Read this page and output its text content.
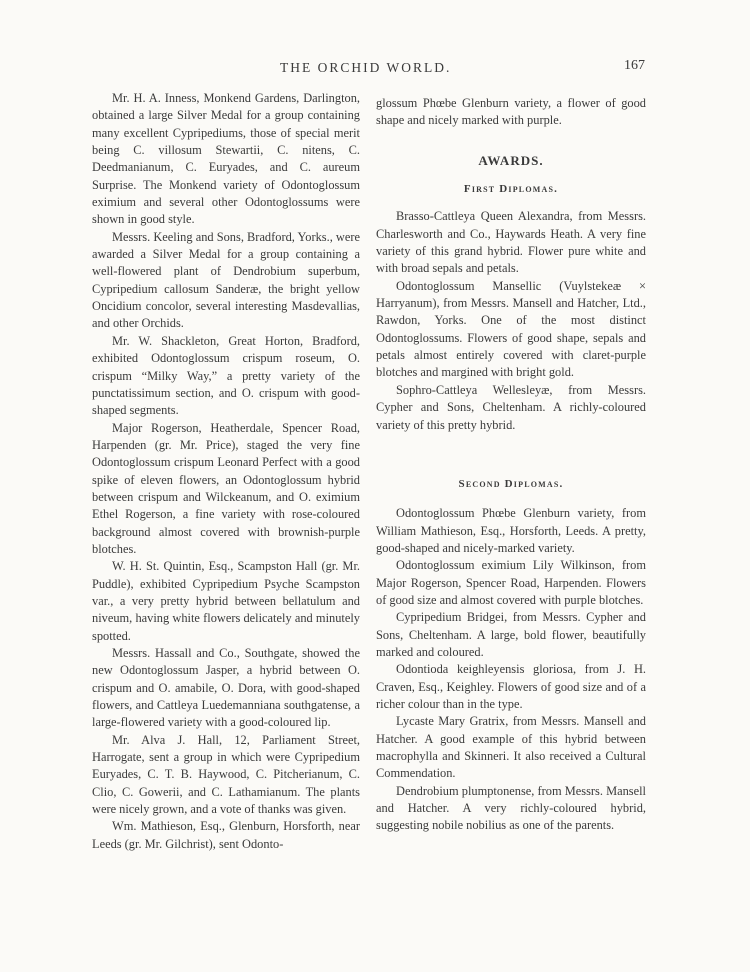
THE ORCHID WORLD.	167

Mr. H. A. Inness, Monkend Gardens, Darlington, obtained a large Silver Medal for a group containing many excellent Cypripediums, those of special merit being C. villosum Stewartii, C. nitens, C. Deedmanianum, C. Euryades, and C. aureum Surprise. The Monkend variety of Odontoglossum eximium and several other Odontoglossums were shown in good style.

Messrs. Keeling and Sons, Bradford, Yorks., were awarded a Silver Medal for a group containing a well-flowered plant of Dendrobium superbum, Cypripedium callosum Sanderæ, the bright yellow Oncidium concolor, several interesting Masdevallias, and other Orchids.

Mr. W. Shackleton, Great Horton, Bradford, exhibited Odontoglossum crispum roseum, O. crispum “Milky Way,” a pretty variety of the punctatissimum section, and O. crispum with good-shaped segments.

Major Rogerson, Heatherdale, Spencer Road, Harpenden (gr. Mr. Price), staged the very fine Odontoglossum crispum Leonard Perfect with a good spike of eleven flowers, an Odontoglossum hybrid between crispum and Wilckeanum, and O. eximium Ethel Rogerson, a fine variety with rose-coloured background almost covered with brownish-purple blotches.

W. H. St. Quintin, Esq., Scampston Hall (gr. Mr. Puddle), exhibited Cypripedium Psyche Scampston var., a very pretty hybrid between bellatulum and niveum, having white flowers delicately and minutely spotted.

Messrs. Hassall and Co., Southgate, showed the new Odontoglossum Jasper, a hybrid between O. crispum and O. amabile, O. Dora, with good-shaped flowers, and Cattleya Luedemanniana southgatense, a large-flowered variety with a good-coloured lip.

Mr. Alva J. Hall, 12, Parliament Street, Harrogate, sent a group in which were Cypripedium Euryades, C. T. B. Haywood, C. Pitcherianum, C. Clio, C. Gowerii, and C. Lathamianum. The plants were nicely grown, and a vote of thanks was given.

Wm. Mathieson, Esq., Glenburn, Horsforth, near Leeds (gr. Mr. Gilchrist), sent Odonto-

glossum Phœbe Glenburn variety, a flower of good shape and nicely marked with purple.

AWARDS.
First Diplomas.

Brasso-Cattleya Queen Alexandra, from Messrs. Charlesworth and Co., Haywards Heath. A very fine variety of this grand hybrid. Flower pure white and with broad sepals and petals.

Odontoglossum Mansellic (Vuylstekeæ × Harryanum), from Messrs. Mansell and Hatcher, Ltd., Rawdon, Yorks. One of the most distinct Odontoglossums. Flowers of good shape, sepals and petals almost entirely covered with claret-purple blotches and margined with bright gold.

Sophro-Cattleya Wellesleyæ, from Messrs. Cypher and Sons, Cheltenham. A richly-coloured variety of this pretty hybrid.

Second Diplomas.

Odontoglossum Phœbe Glenburn variety, from William Mathieson, Esq., Horsforth, Leeds. A pretty, good-shaped and nicely-marked variety.

Odontoglossum eximium Lily Wilkinson, from Major Rogerson, Spencer Road, Harpenden. Flowers of good size and almost covered with purple blotches.

Cypripedium Bridgei, from Messrs. Cypher and Sons, Cheltenham. A large, bold flower, beautifully marked and coloured.

Odontioda keighleyensis gloriosa, from J. H. Craven, Esq., Keighley. Flowers of good size and of a richer colour than in the type.

Lycaste Mary Gratrix, from Messrs. Mansell and Hatcher. A good example of this hybrid between macrophylla and Skinneri. It also received a Cultural Commendation.

Dendrobium plumptonense, from Messrs. Mansell and Hatcher. A very richly-coloured hybrid, suggesting nobile nobilius as one of the parents.
